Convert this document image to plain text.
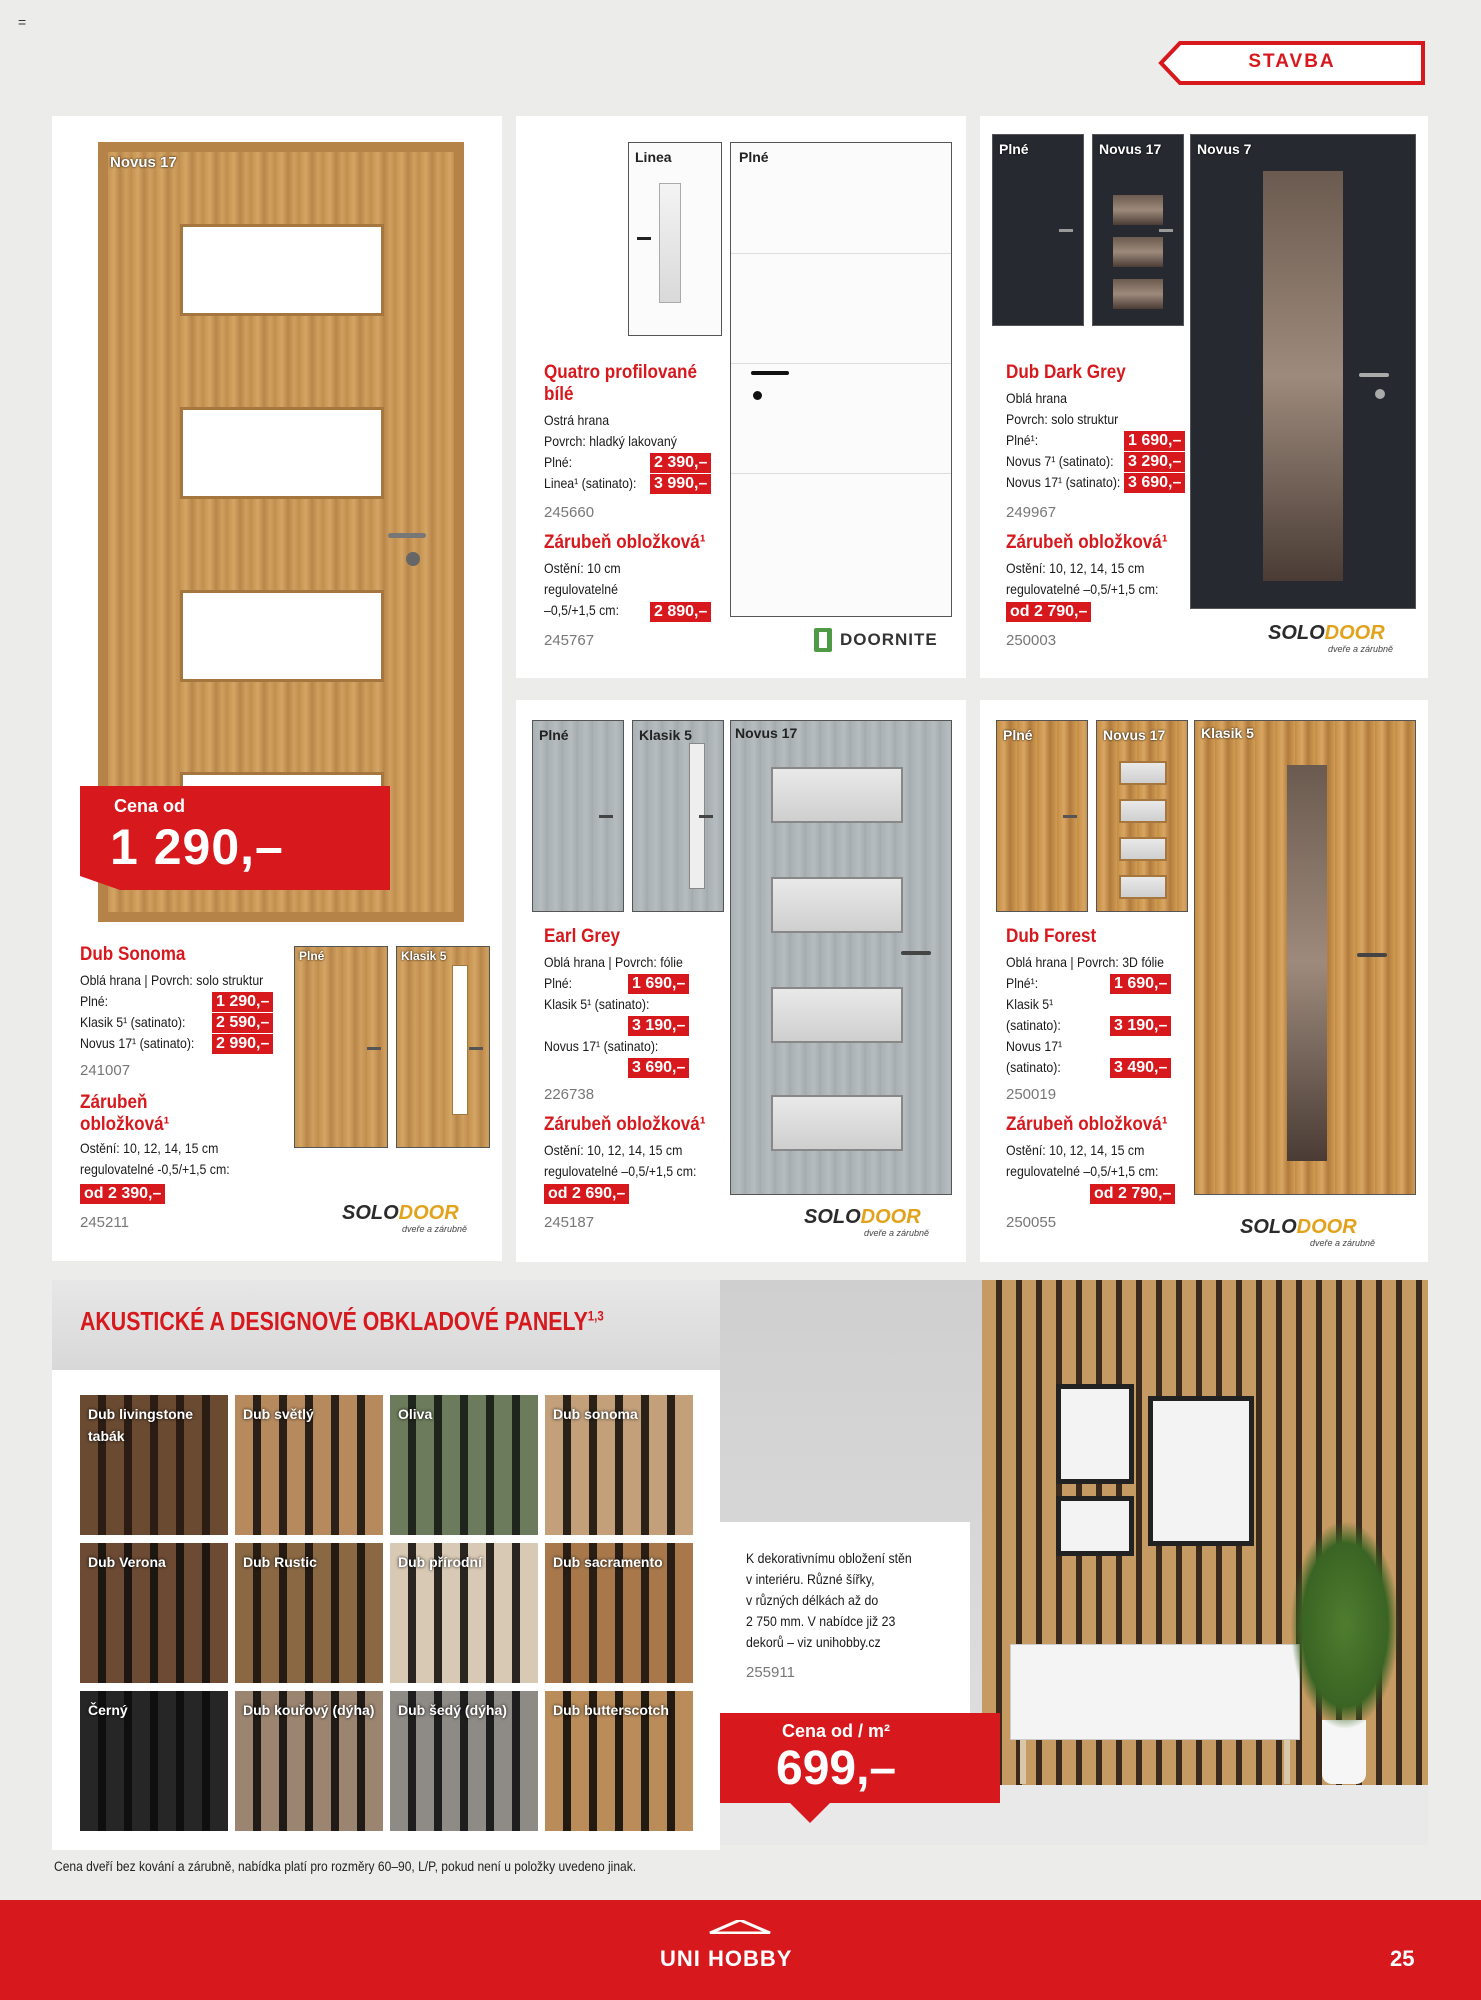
=
STAVBA
Novus 17
Cena od
1 290,–
Dub Sonoma
Oblá hrana | Povrch: solo struktur
Plné:	1 290,–
Klasik 5¹ (satinato): 2 590,–
Novus 17¹ (satinato): 2 990,–
241007
Zárubeň
obložková¹
Ostění: 10, 12, 14, 15 cm
regulovatelné -0,5/+1,5 cm:
od 2 390,–
245211
Plné	Klasik 5
SOLODOOR
dveře a zárubně
Linea	Plné
Quatro profilované
bílé
Ostrá hrana
Povrch: hladký lakovaný
Plné:	2 390,–
Linea¹ (satinato): 3 990,–
245660
Zárubeň obložková¹
Ostění: 10 cm
regulovatelné
–0,5/+1,5 cm: 2 890,–
245767	DOORNITE
Plné	Novus 17	Novus 7
Dub Dark Grey
Oblá hrana
Povrch: solo struktur
Plné¹:	1 690,–
Novus 7¹ (satinato): 3 290,–
Novus 17¹ (satinato): 3 690,–
249967
Zárubeň obložková¹
Ostění: 10, 12, 14, 15 cm
regulovatelné –0,5/+1,5 cm:
od 2 790,–
250003	SOLODOOR
dveře a zárubně
Plné	Klasik 5	Novus 17
Earl Grey
Oblá hrana | Povrch: fólie
Plné:	1 690,–
Klasik 5¹ (satinato):
3 190,–
Novus 17¹ (satinato):
3 690,–
226738
Zárubeň obložková¹
Ostění: 10, 12, 14, 15 cm
regulovatelné –0,5/+1,5 cm:
od 2 690,–
245187	SOLODOOR
dveře a zárubně
Plné	Novus 17	Klasik 5
Dub Forest
Oblá hrana | Povrch: 3D fólie
Plné¹:	1 690,–
Klasik 5¹
(satinato):	3 190,–
Novus 17¹
(satinato):	3 490,–
250019
Zárubeň obložková¹
Ostění: 10, 12, 14, 15 cm
regulovatelné –0,5/+1,5 cm:
od 2 790,–
250055	SOLODOOR
dveře a zárubně
AKUSTICKÉ A DESIGNOVÉ OBKLADOVÉ PANELY$^{1,3}$
Dub livingstone tabák
Dub světlý	Oliva	Dub sonoma
Dub Verona	Dub Rustic	Dub přírodní	Dub sacramento
Černý	Dub kouřový (dýha) Dub šedý (dýha)	Dub butterscotch
K dekorativnímu obložení stěn
v interiéru. Různé šířky,
v různých délkách až do
2 750 mm. V nabídce již 23
dekorů – viz unihobby.cz
255911
Cena od / m²
699,–
Cena dveří bez kování a zárubně, nabídka platí pro rozměry 60–90, L/P, pokud není u položky uvedeno jinak.
UNI HOBBY	25
